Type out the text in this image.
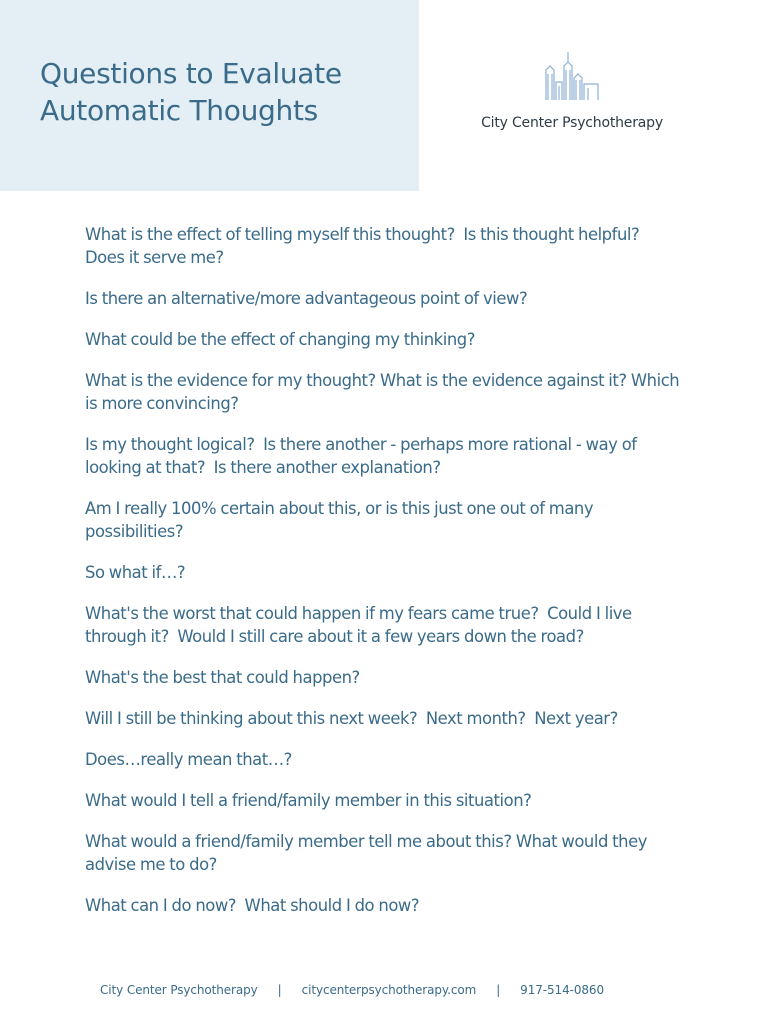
Questions to Evaluate
Automatic Thoughts	City Center Psychotherapy
What is the effect of telling myself this thought?  Is this thought helpful?  Does it serve me?
Is there an alternative/more advantageous point of view?
What could be the effect of changing my thinking?
What is the evidence for my thought? What is the evidence against it? Which is more convincing?
Is my thought logical?  Is there another - perhaps more rational - way of looking at that?  Is there another explanation?
Am I really 100% certain about this, or is this just one out of many possibilities?
So what if…?
What's the worst that could happen if my fears came true?  Could I live through it?  Would I still care about it a few years down the road?
What's the best that could happen?
Will I still be thinking about this next week?  Next month?  Next year?
Does…really mean that…?
What would I tell a friend/family member in this situation?
What would a friend/family member tell me about this? What would they advise me to do?
What can I do now?  What should I do now?
City Center Psychotherapy | citycenterpsychotherapy.com | 917-514-0860
